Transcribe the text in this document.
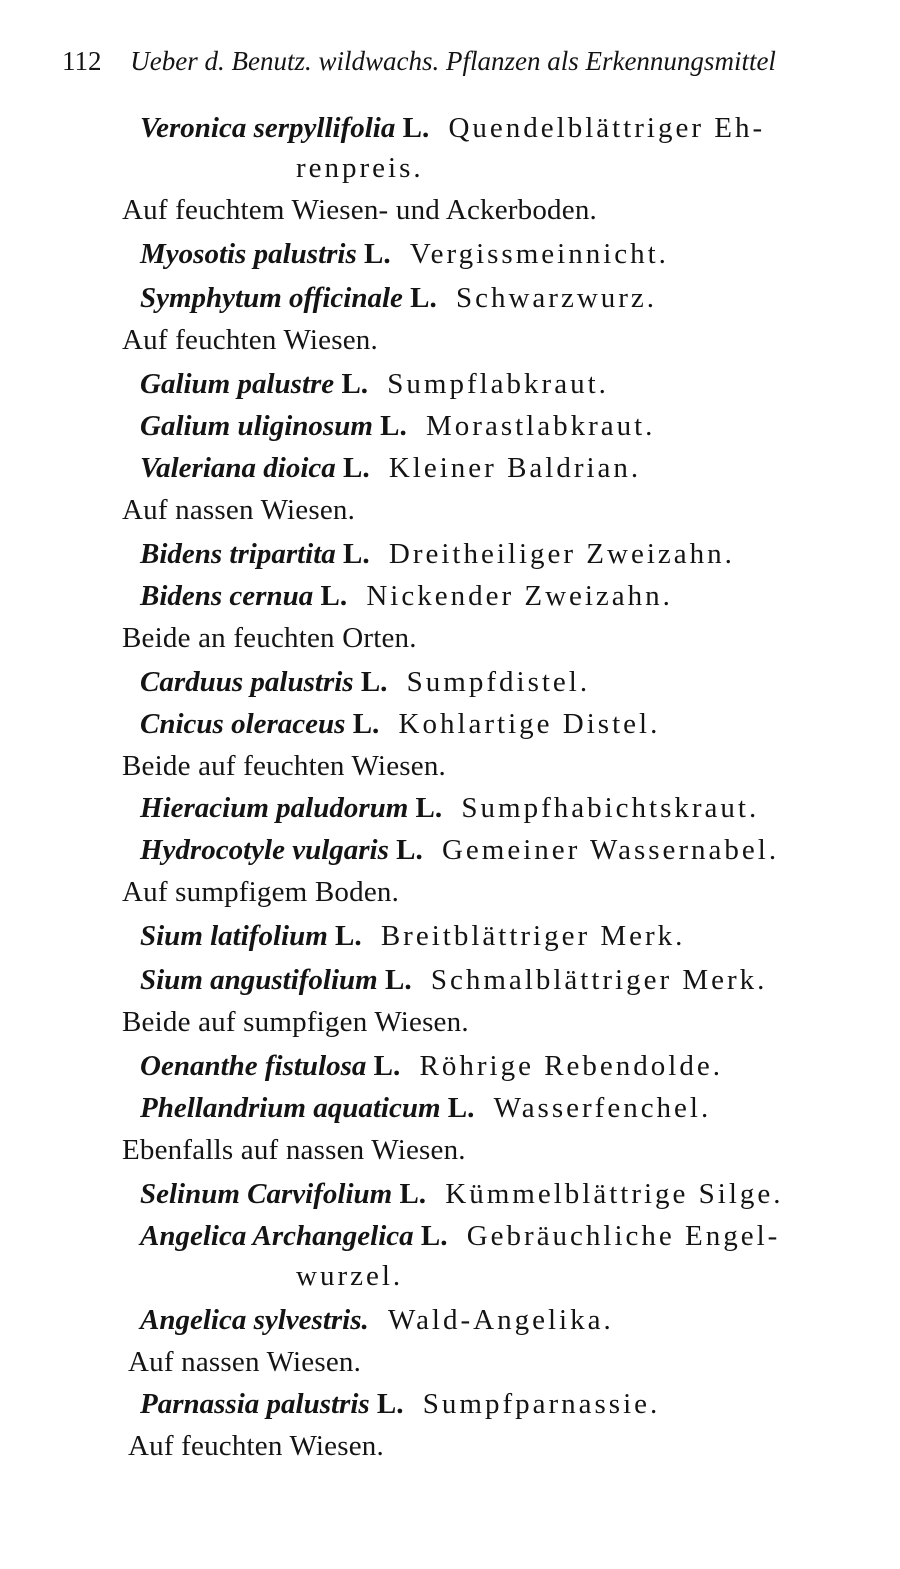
112 Ueber d. Benutz. wildwachs. Pflanzen als Erkennungsmittel
Veronica serpyllifolia L. Quendelblättriger Eh-
renpreis.
Auf feuchtem Wiesen- und Ackerboden.
Myosotis palustris L. Vergissmeinnicht.
Symphytum officinale L. Schwarzwurz.
Auf feuchten Wiesen.
Galium palustre L. Sumpflabkraut.
Galium uliginosum L. Morastlabkraut.
Valeriana dioica L. Kleiner Baldrian.
Auf nassen Wiesen.
Bidens tripartita L. Dreitheiliger Zweizahn.
Bidens cernua L. Nickender Zweizahn.
Beide an feuchten Orten.
Carduus palustris L. Sumpfdistel.
Cnicus oleraceus L. Kohlartige Distel.
Beide auf feuchten Wiesen.
Hieracium paludorum L. Sumpfhabichtskraut.
Hydrocotyle vulgaris L. Gemeiner Wassernabel.
Auf sumpfigem Boden.
Sium latifolium L. Breitblättriger Merk.
Sium angustifolium L. Schmalblättriger Merk.
Beide auf sumpfigen Wiesen.
Oenanthe fistulosa L. Röhrige Rebendolde.
Phellandrium aquaticum L. Wasserfenchel.
Ebenfalls auf nassen Wiesen.
Selinum Carvifolium L. Kümmelblättrige Silge.
Angelica Archangelica L. Gebräuchliche Engel-
wurzel.
Angelica sylvestris. Wald-Angelika.
Auf nassen Wiesen.
Parnassia palustris L. Sumpfparnassie.
Auf feuchten Wiesen.
